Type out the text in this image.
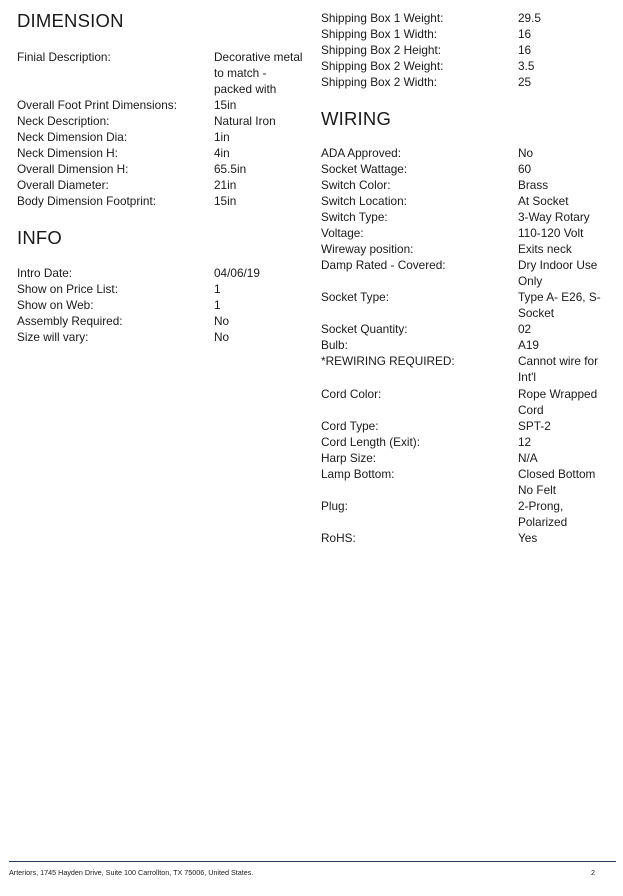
DIMENSION
Finial Description:	Decorative metal to match - packed with
Overall Foot Print Dimensions:	15in
Neck Description:	Natural Iron
Neck Dimension Dia:	1in
Neck Dimension H:	4in
Overall Dimension H:	65.5in
Overall Diameter:	21in
Body Dimension Footprint:	15in
INFO
Intro Date:	04/06/19
Show on Price List:	1
Show on Web:	1
Assembly Required:	No
Size will vary:	No
Shipping Box 1 Weight:	29.5
Shipping Box 1 Width:	16
Shipping Box 2 Height:	16
Shipping Box 2 Weight:	3.5
Shipping Box 2 Width:	25
WIRING
ADA Approved:	No
Socket Wattage:	60
Switch Color:	Brass
Switch Location:	At Socket
Switch Type:	3-Way Rotary
Voltage:	110-120 Volt
Wireway position:	Exits neck
Damp Rated - Covered:	Dry Indoor Use Only
Socket Type:	Type A- E26, S-Socket
Socket Quantity:	02
Bulb:	A19
*REWIRING REQUIRED:	Cannot wire for Int'l
Cord Color:	Rope Wrapped Cord
Cord Type:	SPT-2
Cord Length (Exit):	12
Harp Size:	N/A
Lamp Bottom:	Closed Bottom No Felt
Plug:	2-Prong, Polarized
RoHS:	Yes
Arteriors, 1745 Hayden Drive, Suite 100 Carrollton, TX 75006, United States.	2
